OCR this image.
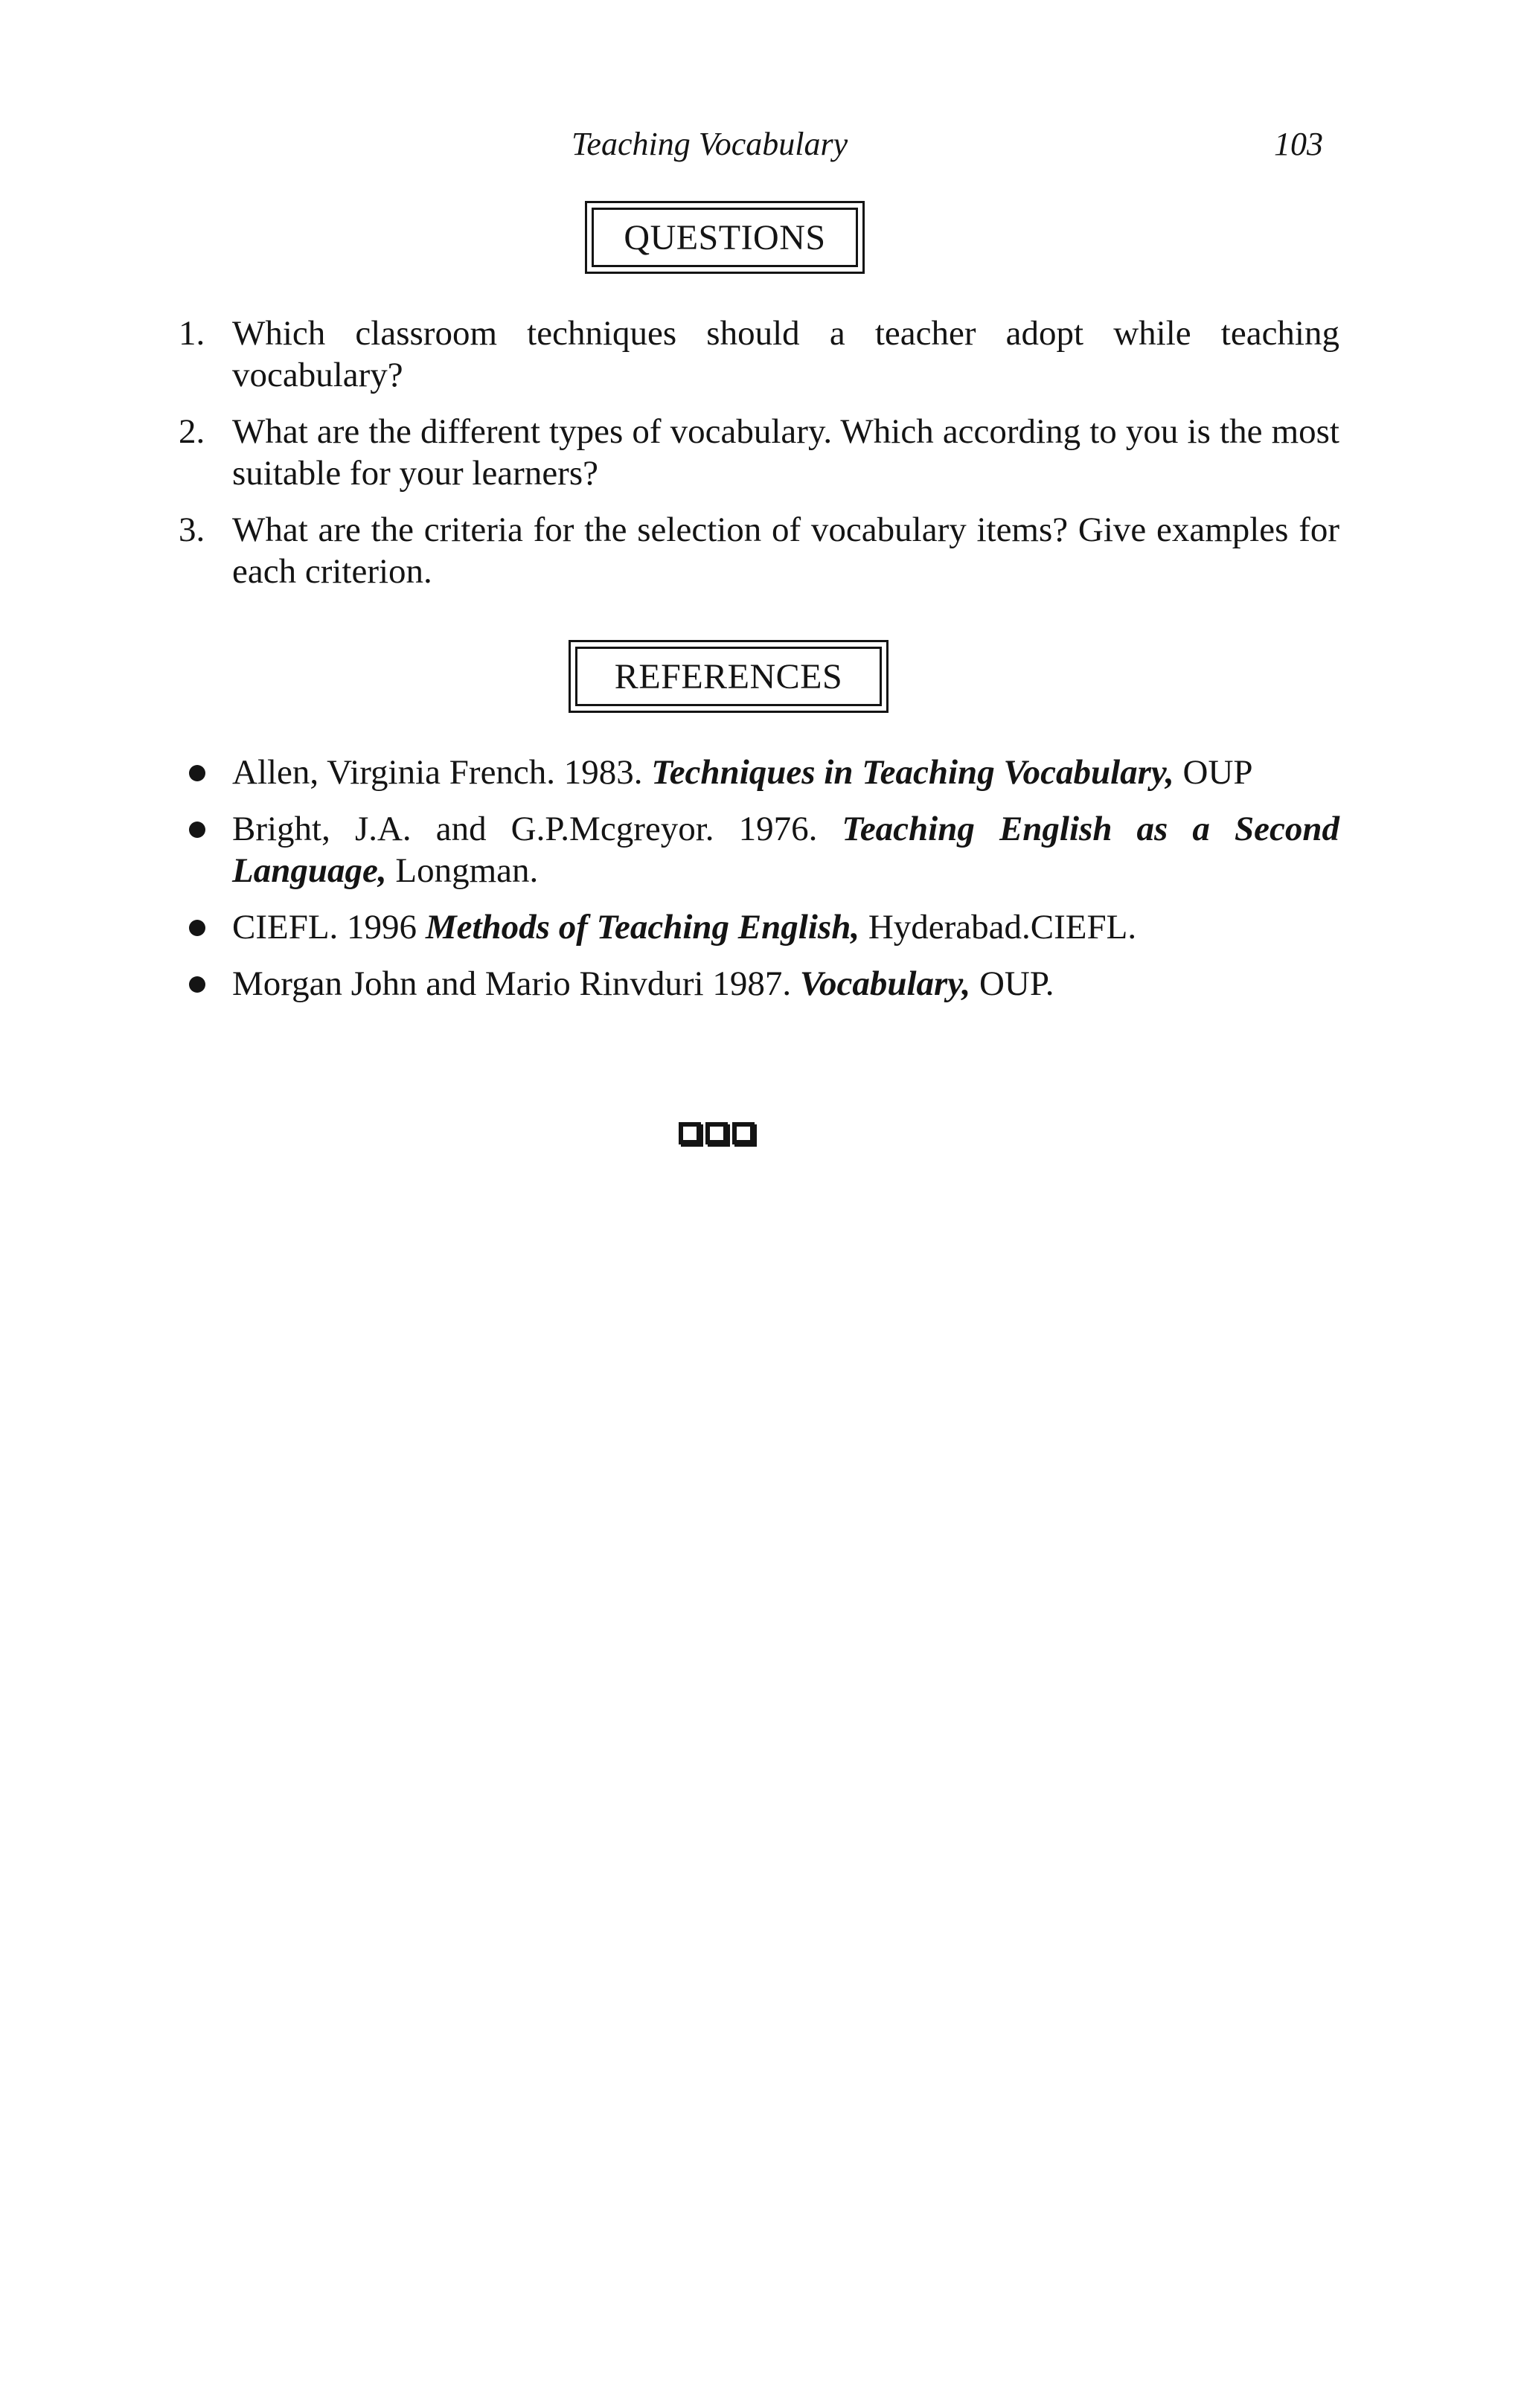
Teaching Vocabulary	103
QUESTIONS
1. Which classroom techniques should a teacher adopt while teaching vocabulary?
2. What are the different types of vocabulary. Which according to you is the most suitable for your learners?
3. What are the criteria for the selection of vocabulary items? Give examples for each criterion.
REFERENCES
Allen, Virginia French. 1983. Techniques in Teaching Vocabulary, OUP
Bright, J.A. and G.P.Mcgreyor. 1976. Teaching English as a Second Language, Longman.
CIEFL. 1996 Methods of Teaching English, Hyderabad.CIEFL.
Morgan John and Mario Rinvduri 1987. Vocabulary, OUP.
